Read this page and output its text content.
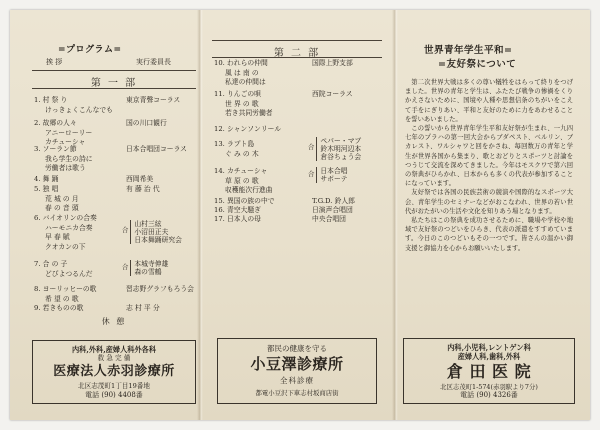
=プログラム=
挨 拶	実行委員長
第 一 部
1. 村 祭 り
けっきょくこんなでも
東京青聲コーラス
2. 故郷の人々
アニーローリー
カチューシャ
国の川口観行
3. ソーラン節
我ら学生の詩に
労働者は歌う
日本合唱団コーラス
4. 舞 踊	西岡希美
5. 独 唱
荒 城 の 月
春 の 音 頭
有 藤 治 代
6. バイオリンの合奏
ハーモニカ合奏
早 春 賦
クオカンの下
合
山村三絃
小沼田正夫
日本舞踊研究会
7. 合 の 子
どびよつるんだ
合 本城寺伸雄
森の雪鶴
8. ヨーリッヒーの歌
希 望 の 歌
習志野グラフもろう会
9. 若きものの歌	志 村 平 分
休 憩
第 二 部
10. われらの仲間
風 は 南 の
私達の仲間は
国際上野支部
11. りんごの唄
世 界 の 歌
若き共同労働者
西院コーラス
12. シャンソンリール
13. ラプト島
ぐ み の 木
合
ペパー・マブ
鈴木明河辺本
倉谷ちょう会
14. カチューシャ
草 原 の 歌
収穫能次行進曲
合 日本合唱
サボーテ
15. 異国の族の中で	T.G.D. 鈴人郎
16. 青空大騒ぎ	日演声合唱団
17. 日本人の母	中央合唱団
世界青年学生平和=
=友好祭について

第二次世界大戦は多くの尊い犠牲をはらって終りをつげました。世界の青年と学生は、ふたたび戦争の惨禍をくりかえさないために、国境や人種や思想信条のちがいをこえて手をにぎりあい、平和と友好のために力をあわせることを誓いあいました。

この誓いから世界青年学生平和友好祭が生まれ、一九四七年のプラハの第一回大会からブダペスト、ベルリン、ブカレスト、ワルシャワと回をかさね、毎回数万の青年と学生が世界各国から集まり、歌とおどりとスポーツと討論をつうじて交流を深めてきました。今年はモスクワで第六回の祭典がひらかれ、日本からも多くの代表が参加することになっています。

友好祭では各国の民族芸術の競演や国際的なスポーツ大会、青年学生のセミナーなどがおこなわれ、世界の若い世代がおたがいの生活や文化を知りあう場となります。

私たちはこの祭典を成功させるために、職場や学校や地域で友好祭のつどいをひらき、代表の派遣をすすめています。今日のこのつどいもその一つです。皆さんの温かい御支援と御協力を心からお願いいたします。

内科,外科,産婦人科外各科
救 急 完 備
医療法人赤羽診療所
北区志茂町1丁目19番地
電話 (90) 4408番
都民の健康を守る
小豆澤診療所
全科診療
都電小豆沢下車志村坂商店街
内科,小児科,レントゲン科
産婦人科,歯科,外科
倉 田 医 院
北区志茂町1-574(赤羽駅より7分)
電話 (90) 4326番
